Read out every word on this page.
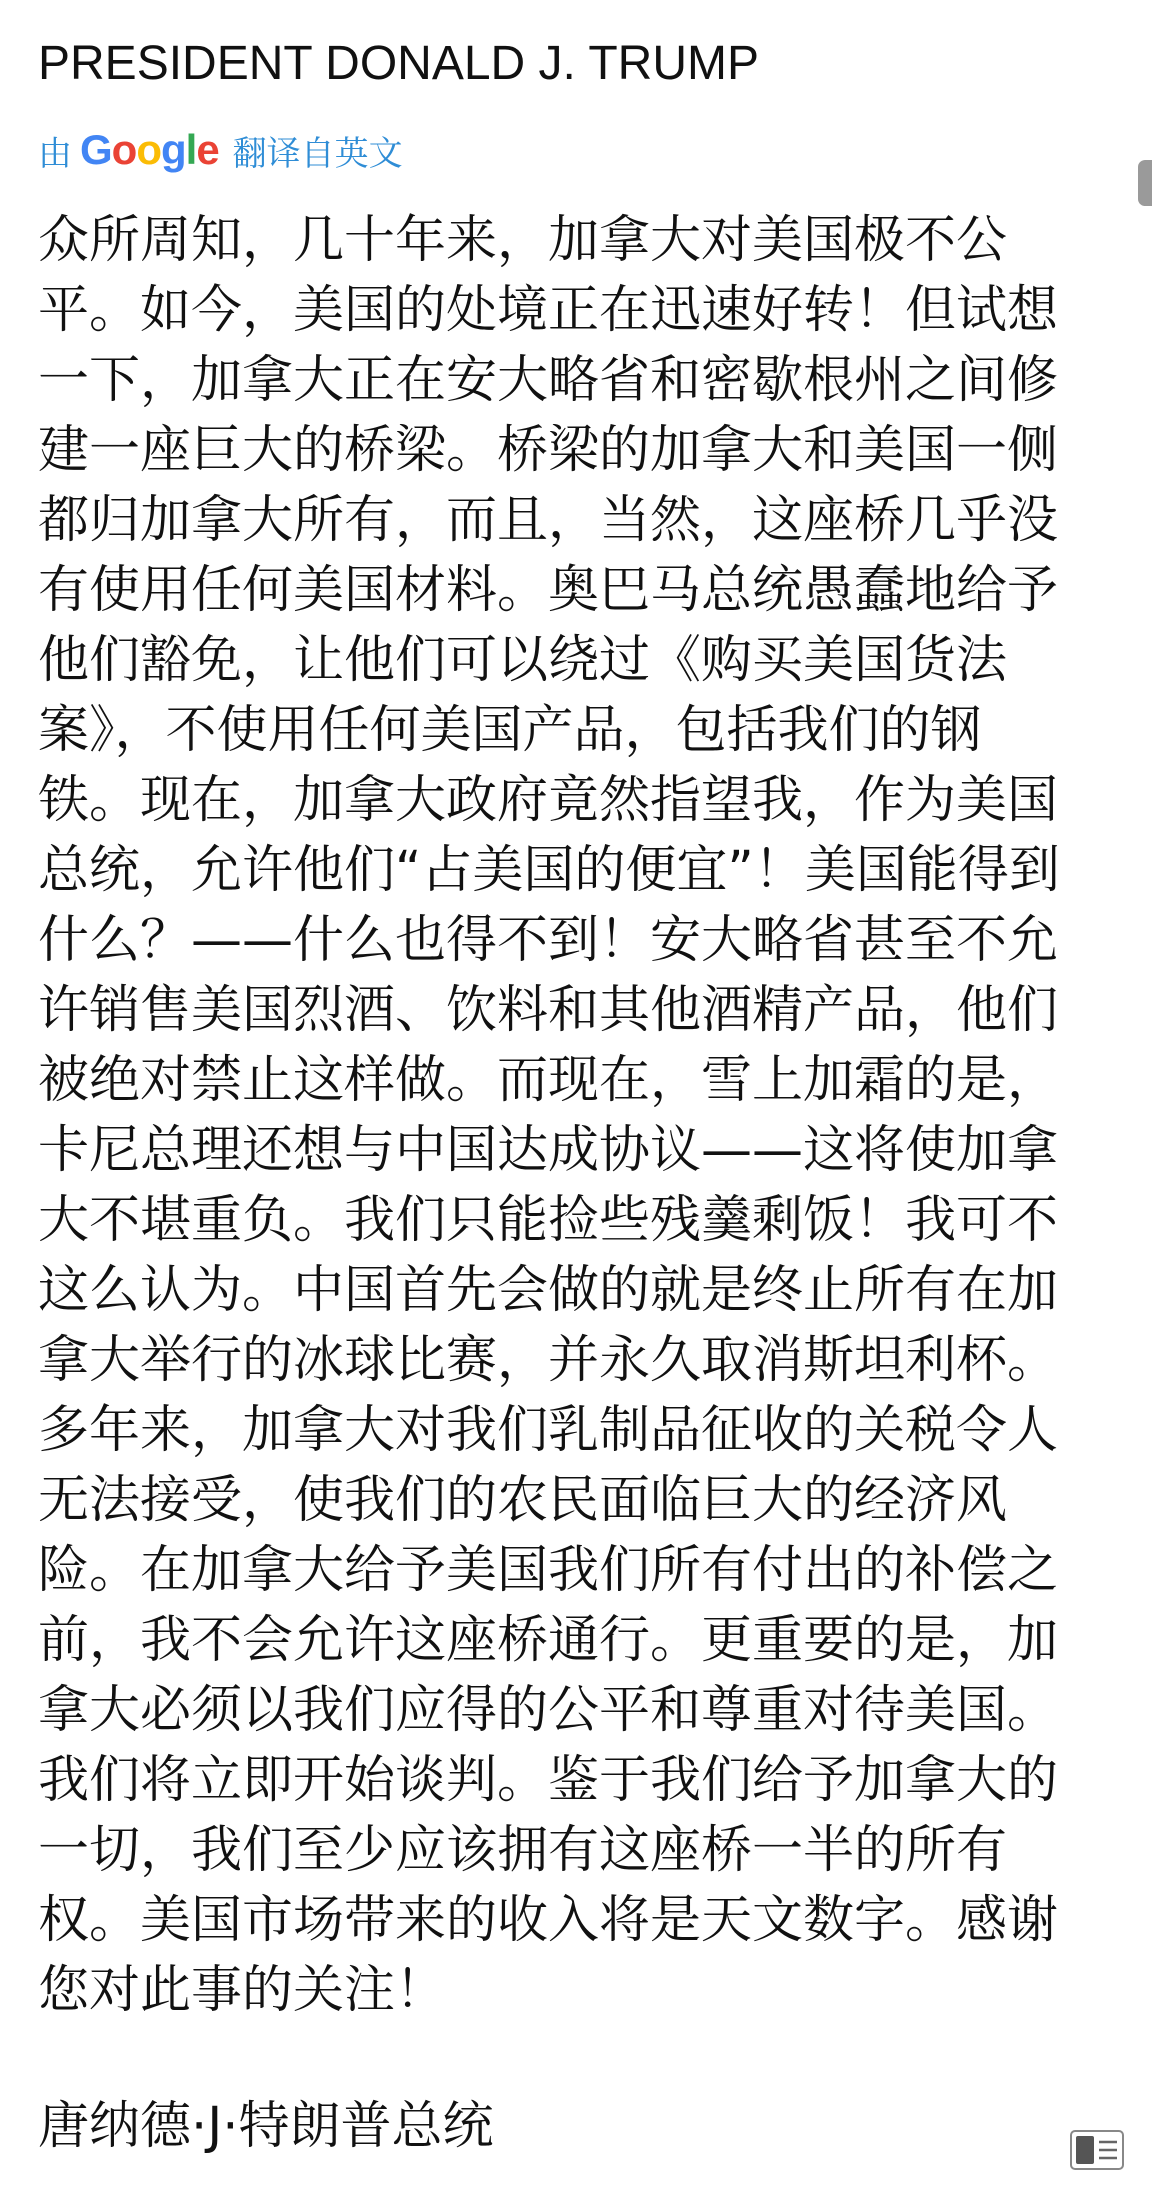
PRESIDENT DONALD J. TRUMP
由 G o o g l e 翻译自英文
众所周知，几十年来，加拿大对美国极不公
平。如今，美国的处境正在迅速好转！但试想
一下，加拿大正在安大略省和密歇根州之间修
建一座巨大的桥梁。桥梁的加拿大和美国一侧
都归加拿大所有，而且，当然，这座桥几乎没
有使用任何美国材料。奥巴马总统愚蠢地给予
他们豁免，让他们可以绕过《购买美国货法
案》，不使用任何美国产品，包括我们的钢
铁。现在，加拿大政府竟然指望我，作为美国
总统，允许他们“占美国的便宜”！美国能得到
什么？——什么也得不到！安大略省甚至不允
许销售美国烈酒、饮料和其他酒精产品，他们
被绝对禁止这样做。而现在，雪上加霜的是，
卡尼总理还想与中国达成协议——这将使加拿
大不堪重负。我们只能捡些残羹剩饭！我可不
这么认为。中国首先会做的就是终止所有在加
拿大举行的冰球比赛，并永久取消斯坦利杯。
多年来，加拿大对我们乳制品征收的关税令人
无法接受，使我们的农民面临巨大的经济风
险。在加拿大给予美国我们所有付出的补偿之
前，我不会允许这座桥通行。更重要的是，加
拿大必须以我们应得的公平和尊重对待美国。
我们将立即开始谈判。鉴于我们给予加拿大的
一切，我们至少应该拥有这座桥一半的所有
权。美国市场带来的收入将是天文数字。感谢
您对此事的关注！
唐纳德·J·特朗普总统
